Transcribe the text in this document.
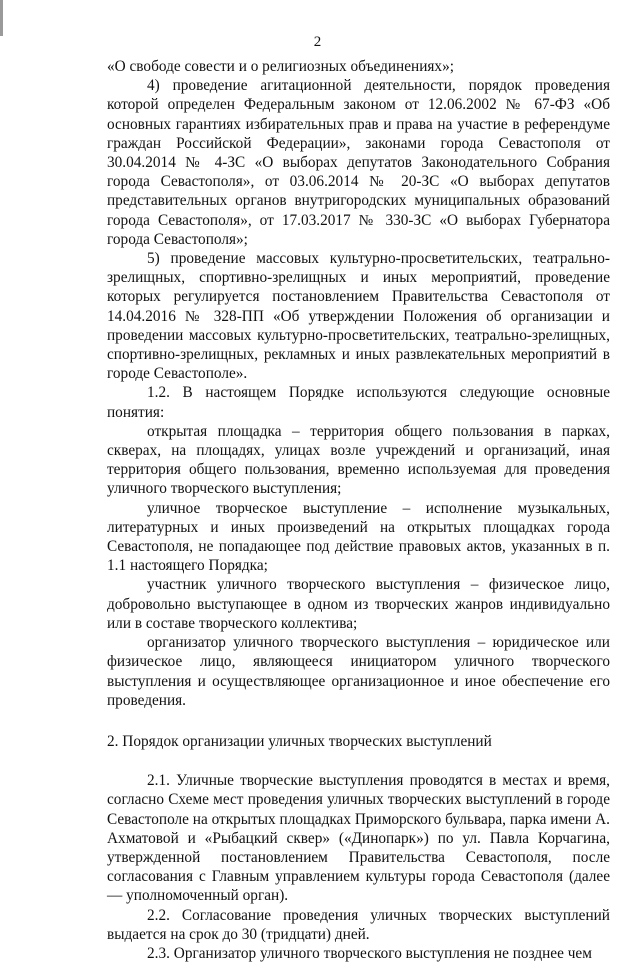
2

«О свободе совести и о религиозных объединениях»;

4) проведение агитационной деятельности, порядок проведения которой определен Федеральным законом от 12.06.2002 № 67-ФЗ «Об основных гарантиях избирательных прав и права на участие в референдуме граждан Российской Федерации», законами города Севастополя от 30.04.2014 № 4-ЗС «О выборах депутатов Законодательного Собрания города Севастополя», от 03.06.2014 № 20-ЗС «О выборах депутатов представительных органов внутригородских муниципальных образований города Севастополя», от 17.03.2017 № 330-ЗС «О выборах Губернатора города Севастополя»;

5) проведение массовых культурно-просветительских, театрально-зрелищных, спортивно-зрелищных и иных мероприятий, проведение которых регулируется постановлением Правительства Севастополя от 14.04.2016 № 328-ПП «Об утверждении Положения об организации и проведении массовых культурно-просветительских, театрально-зрелищных, спортивно-зрелищных, рекламных и иных развлекательных мероприятий в городе Севастополе».

1.2. В настоящем Порядке используются следующие основные понятия:

открытая площадка – территория общего пользования в парках, скверах, на площадях, улицах возле учреждений и организаций, иная территория общего пользования, временно используемая для проведения уличного творческого выступления;

уличное творческое выступление – исполнение музыкальных, литературных и иных произведений на открытых площадках города Севастополя, не попадающее под действие правовых актов, указанных в п. 1.1 настоящего Порядка;

участник уличного творческого выступления – физическое лицо, добровольно выступающее в одном из творческих жанров индивидуально или в составе творческого коллектива;

организатор уличного творческого выступления – юридическое или физическое лицо, являющееся инициатором уличного творческого выступления и осуществляющее организационное и иное обеспечение его проведения.

2. Порядок организации уличных творческих выступлений

2.1. Уличные творческие выступления проводятся в местах и время, согласно Схеме мест проведения уличных творческих выступлений в городе Севастополе на открытых площадках Приморского бульвара, парка имени А. Ахматовой и «Рыбацкий сквер» («Динопарк») по ул. Павла Корчагина, утвержденной постановлением Правительства Севастополя, после согласования с Главным управлением культуры города Севастополя (далее — уполномоченный орган).

2.2. Согласование проведения уличных творческих выступлений выдается на срок до 30 (тридцати) дней.

2.3. Организатор уличного творческого выступления не позднее чем
